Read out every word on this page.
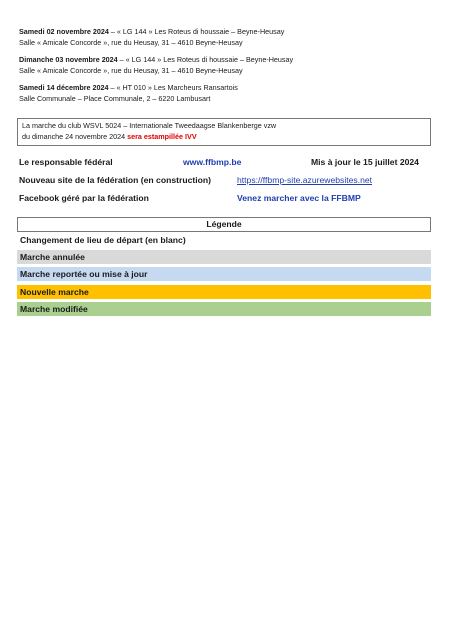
Samedi 02 novembre 2024 – « LG 144 » Les Roteus di houssaie – Beyne-Heusay
Salle « Amicale Concorde », rue du Heusay, 31 – 4610 Beyne-Heusay
Dimanche 03 novembre 2024 – « LG 144 » Les Roteus di houssaie – Beyne-Heusay
Salle « Amicale Concorde », rue du Heusay, 31 – 4610 Beyne-Heusay
Samedi 14 décembre 2024 – « HT 010 » Les Marcheurs Ransartois
Salle Communale – Place Communale, 2 – 6220 Lambusart
La marche du club WSVL 5024 – Internationale Tweedaagse Blankenberge vzw
du dimanche 24 novembre 2024 sera estampillée IVV
Le responsable fédéral	www.ffbmp.be	Mis à jour le 15 juillet 2024
Nouveau site de la fédération (en construction)	https://ffbmp-site.azurewebsites.net
Facebook géré par la fédération	Venez marcher avec la FFBMP
Légende
Changement de lieu de départ (en blanc)
Marche annulée
Marche reportée ou mise à jour
Nouvelle marche
Marche modifiée
